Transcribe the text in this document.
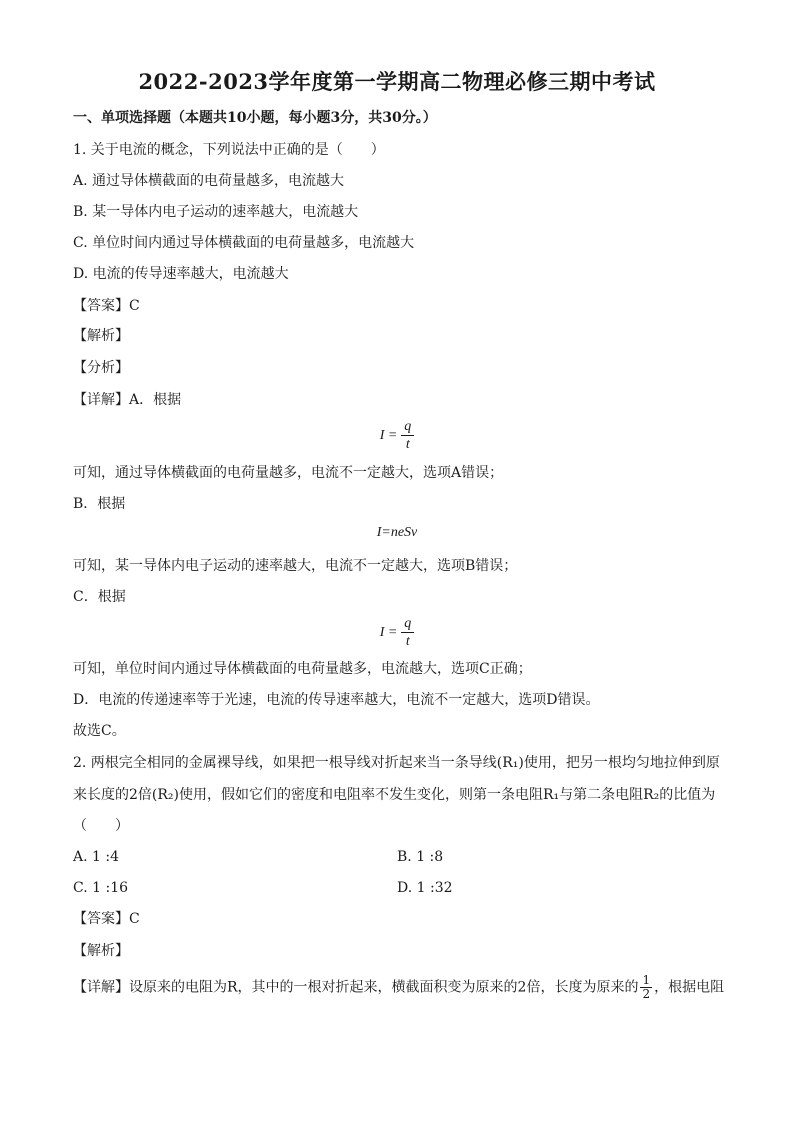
2022-2023学年度第一学期高二物理必修三期中考试
一、单项选择题（本题共10小题，每小题3分，共30分。）
1. 关于电流的概念，下列说法中正确的是（　　）
A. 通过导体横截面的电荷量越多，电流越大
B. 某一导体内电子运动的速率越大，电流越大
C. 单位时间内通过导体横截面的电荷量越多，电流越大
D. 电流的传导速率越大，电流越大
【答案】C
【解析】
【分析】
【详解】A．根据
$I = \frac{q}{t}$
可知，通过导体横截面的电荷量越多，电流不一定越大，选项A错误；
B．根据
I=neSv
可知，某一导体内电子运动的速率越大，电流不一定越大，选项B错误；
C．根据
$I = \frac{q}{t}$
可知，单位时间内通过导体横截面的电荷量越多，电流越大，选项C正确；
D．电流的传递速率等于光速，电流的传导速率越大，电流不一定越大，选项D错误。
故选C。
2. 两根完全相同的金属裸导线，如果把一根导线对折起来当一条导线(R₁)使用，把另一根均匀地拉伸到原
来长度的2倍(R₂)使用，假如它们的密度和电阻率不发生变化，则第一条电阻R₁与第二条电阻R₂的比值为
（　　）
A. 1 :4	B. 1 :8
C. 1 :16	D. 1 :32
【答案】C
【解析】
【详解】设原来的电阻为R，其中的一根对折起来，横截面积变为原来的2倍，长度为原来的 $\frac{1}{2}$ ，根据电阻
